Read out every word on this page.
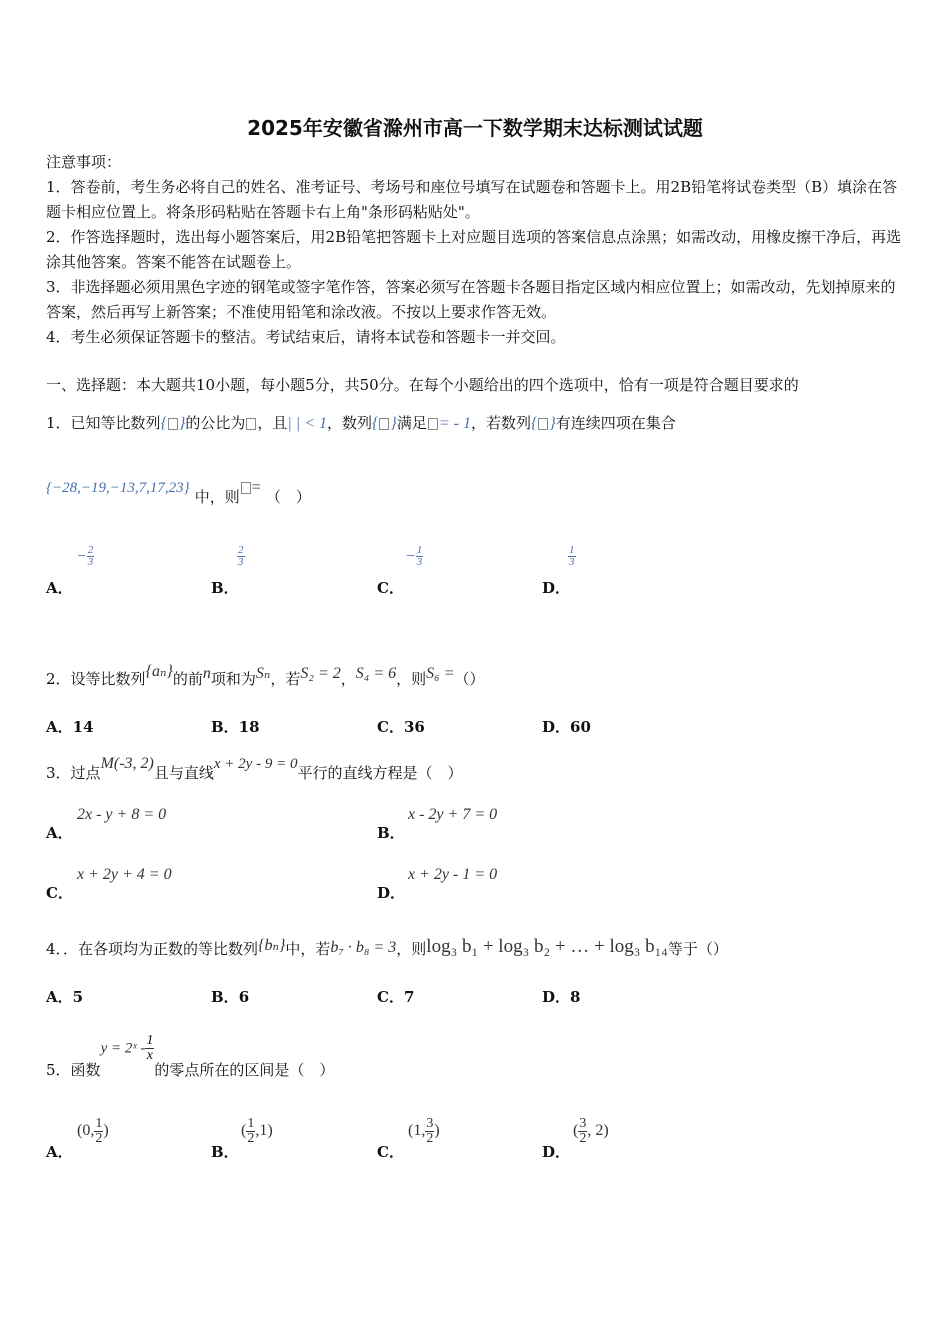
2025年安徽省滁州市高一下数学期末达标测试试题

注意事项：

1．答卷前，考生务必将自己的姓名、准考证号、考场号和座位号填写在试题卷和答题卡上。用2B铅笔将试卷类型（B）填涂在答题卡相应位置上。将条形码粘贴在答题卡右上角"条形码粘贴处"。

2．作答选择题时，选出每小题答案后，用2B铅笔把答题卡上对应题目选项的答案信息点涂黑；如需改动，用橡皮擦干净后，再选涂其他答案。答案不能答在试题卷上。

3．非选择题必须用黑色字迹的钢笔或签字笔作答，答案必须写在答题卡各题目指定区域内相应位置上；如需改动，先划掉原来的答案，然后再写上新答案；不准使用铅笔和涂改液。不按以上要求作答无效。

4．考生必须保证答题卡的整洁。考试结束后，请将本试卷和答题卡一并交回。

一、选择题：本大题共10小题，每小题5分，共50分。在每个小题给出的四个选项中，恰有一项是符合题目要求的
1．已知等比数列{ }的公比为 ，且| | < 1，数列{ }满足 = - 1，若数列{ }有连续四项在集合
{−28,−19,−13,7,17,23} 中，则= （　）
A．
− $\frac{2}{3}$
B．
$\frac{2}{3}$
C．
− $\frac{1}{3}$
D．
$\frac{1}{3}$
2．设等比数列{aₙ}的前n项和为Sₙ，若S₂ = 2，S₄ = 6，则S₆ =（）
A．14	B．18	C．36	D．60
3．过点M(-3, 2)且与直线x + 2y - 9 = 0平行的直线方程是（　）
A．
2x - y + 8 = 0
B．
x - 2y + 7 = 0
C．
x + 2y + 4 = 0
D．
x + 2y - 1 = 0
4．．在各项均为正数的等比数列{bₙ}中，若b₇ · b₈ = 3，则log₃ b₁ + log₃ b₂ + … + log₃ b₁₄等于（）
A．5	B．6	C．7	D．8
5．函数y = 2ˣ - $\frac{1}{x}$
的零点所在的区间是（　）
A．
(0, $\frac{1}{2}$ )
B．
( $\frac{1}{2} ,1$)
C．
(1, $\frac{3}{2}$ )
D．
( $\frac{3}{2}$ , 2)
